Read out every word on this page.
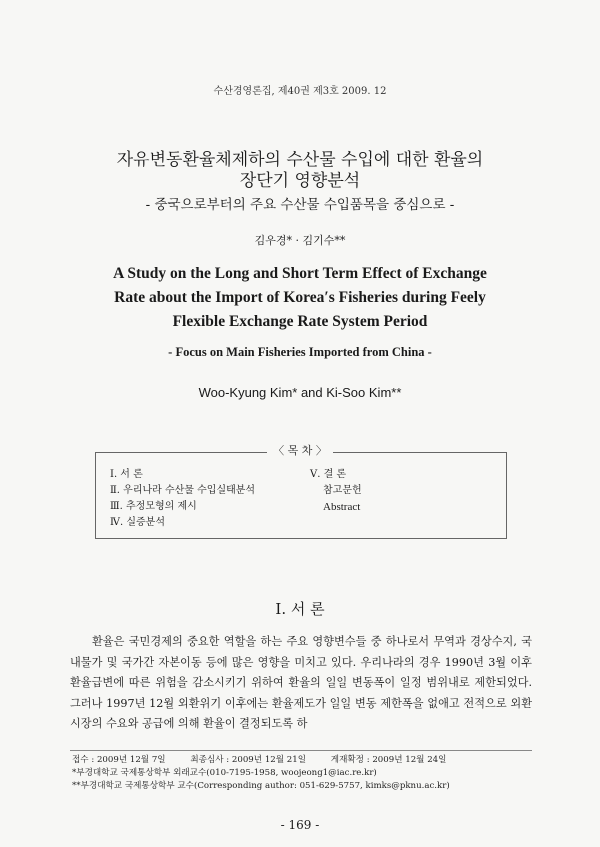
수산경영론집, 제40권 제3호 2009. 12
자유변동환율체제하의 수산물 수입에 대한 환율의
장단기 영향분석
- 중국으로부터의 주요 수산물 수입품목을 중심으로 -
김우경* · 김기수**
A Study on the Long and Short Term Effect of Exchange
Rate about the Import of Korea′s Fisheries during Feely
Flexible Exchange Rate System Period
- Focus on Main Fisheries Imported from China -
Woo-Kyung Kim* and Ki-Soo Kim**
〈 목 차 〉
Ⅰ. 서 론
Ⅱ. 우리나라 수산물 수입실태분석
Ⅲ. 추정모형의 제시
Ⅳ. 실증분석
Ⅴ. 결 론
참고문헌
Abstract
Ⅰ. 서 론
환율은 국민경제의 중요한 역할을 하는 주요 영향변수들 중 하나로서 무역과 경상수지, 국내물가 및 국가간 자본이동 등에 많은 영향을 미치고 있다. 우리나라의 경우 1990년 3월 이후 환율급변에 따른 위험을 감소시키기 위하여 환율의 일일 변동폭이 일정 범위내로 제한되었다. 그러나 1997년 12월 외환위기 이후에는 환율제도가 일일 변동 제한폭을 없애고 전적으로 외환시장의 수요와 공급에 의해 환율이 결정되도록 하
접수 : 2009년 12월 7일	최종심사 : 2009년 12월 21일	게재확정 : 2009년 12월 24일
*부경대학교 국제통상학부 외래교수(010-7195-1958, woojeong1@iac.re.kr)
**부경대학교 국제통상학부 교수(Corresponding author: 051-629-5757, kimks@pknu.ac.kr)
- 169 -
